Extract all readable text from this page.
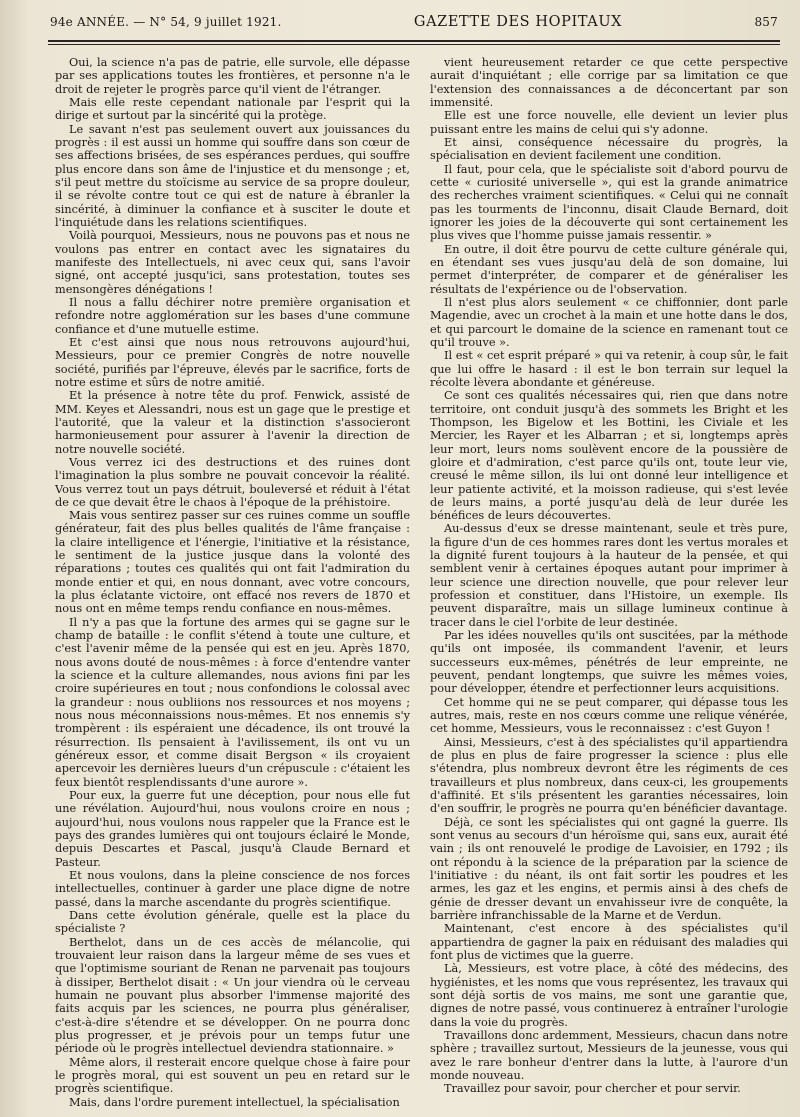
94e ANNÉE. — N° 54, 9 juillet 1921.	GAZETTE DES HOPITAUX	857

Oui, la science n'a pas de patrie, elle survole, elle dépasse par ses applications toutes les frontières, et personne n'a le droit de rejeter le progrès parce qu'il vient de l'étranger.

Mais elle reste cependant nationale par l'esprit qui la dirige et surtout par la sincérité qui la protège.

Le savant n'est pas seulement ouvert aux jouissances du progrès : il est aussi un homme qui souffre dans son cœur de ses affections brisées, de ses espérances perdues, qui souffre plus encore dans son âme de l'injustice et du mensonge ; et, s'il peut mettre du stoïcisme au service de sa propre douleur, il se révolte contre tout ce qui est de nature à ébranler la sincérité, à diminuer la confiance et à susciter le doute et l'inquiétude dans les relations scientifiques.

Voilà pourquoi, Messieurs, nous ne pouvons pas et nous ne voulons pas entrer en contact avec les signataires du manifeste des Intellectuels, ni avec ceux qui, sans l'avoir signé, ont accepté jusqu'ici, sans protestation, toutes ses mensongères dénégations !

Il nous a fallu déchirer notre première organisation et refondre notre agglomération sur les bases d'une commune confiance et d'une mutuelle estime.

Et c'est ainsi que nous nous retrouvons aujourd'hui, Messieurs, pour ce premier Congrès de notre nouvelle société, purifiés par l'épreuve, élevés par le sacrifice, forts de notre estime et sûrs de notre amitié.

Et la présence à notre tête du prof. Fenwick, assisté de MM. Keyes et Alessandri, nous est un gage que le prestige et l'autorité, que la valeur et la distinction s'associeront harmonieusement pour assurer à l'avenir la direction de notre nouvelle société.

Vous verrez ici des destructions et des ruines dont l'imagination la plus sombre ne pouvait concevoir la réalité. Vous verrez tout un pays détruit, bouleversé et réduit à l'état de ce que devait être le chaos à l'époque de la préhistoire.

Mais vous sentirez passer sur ces ruines comme un souffle générateur, fait des plus belles qualités de l'âme française : la claire intelligence et l'énergie, l'initiative et la résistance, le sentiment de la justice jusque dans la volonté des réparations ; toutes ces qualités qui ont fait l'admiration du monde entier et qui, en nous donnant, avec votre concours, la plus éclatante victoire, ont effacé nos revers de 1870 et nous ont en même temps rendu confiance en nous-mêmes.

Il n'y a pas que la fortune des armes qui se gagne sur le champ de bataille : le conflit s'étend à toute une culture, et c'est l'avenir même de la pensée qui est en jeu. Après 1870, nous avons douté de nous-mêmes : à force d'entendre vanter la science et la culture allemandes, nous avions fini par les croire supérieures en tout ; nous confondions le colossal avec la grandeur : nous oubliions nos ressources et nos moyens ; nous nous méconnaissions nous-mêmes. Et nos ennemis s'y trompèrent : ils espéraient une décadence, ils ont trouvé la résurrection. Ils pensaient à l'avilissement, ils ont vu un généreux essor, et comme disait Bergson « ils croyaient apercevoir les dernières lueurs d'un crépuscule : c'étaient les feux bientôt resplendissants d'une aurore ».

Pour eux, la guerre fut une déception, pour nous elle fut une révélation. Aujourd'hui, nous voulons croire en nous ; aujourd'hui, nous voulons nous rappeler que la France est le pays des grandes lumières qui ont toujours éclairé le Monde, depuis Descartes et Pascal, jusqu'à Claude Bernard et Pasteur.

Et nous voulons, dans la pleine conscience de nos forces intellectuelles, continuer à garder une place digne de notre passé, dans la marche ascendante du progrès scientifique.

Dans cette évolution générale, quelle est la place du spécialiste ?

Berthelot, dans un de ces accès de mélancolie, qui trouvaient leur raison dans la largeur même de ses vues et que l'optimisme souriant de Renan ne parvenait pas toujours à dissiper, Berthelot disait : « Un jour viendra où le cerveau humain ne pouvant plus absorber l'immense majorité des faits acquis par les sciences, ne pourra plus généraliser, c'est-à-dire s'étendre et se développer. On ne pourra donc plus progresser, et je prévois pour un temps futur une période où le progrès intellectuel deviendra stationnaire. »

Même alors, il resterait encore quelque chose à faire pour le progrès moral, qui est souvent un peu en retard sur le progrès scientifique.

Mais, dans l'ordre purement intellectuel, la spécialisation

vient heureusement retarder ce que cette perspective aurait d'inquiétant ; elle corrige par sa limitation ce que l'extension des connaissances a de déconcertant par son immensité.

Elle est une force nouvelle, elle devient un levier plus puissant entre les mains de celui qui s'y adonne.

Et ainsi, conséquence nécessaire du progrès, la spécialisation en devient facilement une condition.

Il faut, pour cela, que le spécialiste soit d'abord pourvu de cette « curiosité universelle », qui est la grande animatrice des recherches vraiment scientifiques. « Celui qui ne connaît pas les tourments de l'inconnu, disait Claude Bernard, doit ignorer les joies de la découverte qui sont certainement les plus vives que l'homme puisse jamais ressentir. »

En outre, il doit être pourvu de cette culture générale qui, en étendant ses vues jusqu'au delà de son domaine, lui permet d'interpréter, de comparer et de généraliser les résultats de l'expérience ou de l'observation.

Il n'est plus alors seulement « ce chiffonnier, dont parle Magendie, avec un crochet à la main et une hotte dans le dos, et qui parcourt le domaine de la science en ramenant tout ce qu'il trouve ».

Il est « cet esprit préparé » qui va retenir, à coup sûr, le fait que lui offre le hasard : il est le bon terrain sur lequel la récolte lèvera abondante et généreuse.

Ce sont ces qualités nécessaires qui, rien que dans notre territoire, ont conduit jusqu'à des sommets les Bright et les Thompson, les Bigelow et les Bottini, les Civiale et les Mercier, les Rayer et les Albarran ; et si, longtemps après leur mort, leurs noms soulèvent encore de la poussière de gloire et d'admiration, c'est parce qu'ils ont, toute leur vie, creusé le même sillon, ils lui ont donné leur intelligence et leur patiente activité, et la moisson radieuse, qui s'est levée de leurs mains, a porté jusqu'au delà de leur durée les bénéfices de leurs découvertes.

Au-dessus d'eux se dresse maintenant, seule et très pure, la figure d'un de ces hommes rares dont les vertus morales et la dignité furent toujours à la hauteur de la pensée, et qui semblent venir à certaines époques autant pour imprimer à leur science une direction nouvelle, que pour relever leur profession et constituer, dans l'Histoire, un exemple. Ils peuvent disparaître, mais un sillage lumineux continue à tracer dans le ciel l'orbite de leur destinée.

Par les idées nouvelles qu'ils ont suscitées, par la méthode qu'ils ont imposée, ils commandent l'avenir, et leurs successeurs eux-mêmes, pénétrés de leur empreinte, ne peuvent, pendant longtemps, que suivre les mêmes voies, pour développer, étendre et perfectionner leurs acquisitions.

Cet homme qui ne se peut comparer, qui dépasse tous les autres, mais, reste en nos cœurs comme une relique vénérée, cet homme, Messieurs, vous le reconnaissez : c'est Guyon !

Ainsi, Messieurs, c'est à des spécialistes qu'il appartiendra de plus en plus de faire progresser la science : plus elle s'étendra, plus nombreux devront être les régiments de ces travailleurs et plus nombreux, dans ceux-ci, les groupements d'affinité. Et s'ils présentent les garanties nécessaires, loin d'en souffrir, le progrès ne pourra qu'en bénéficier davantage.

Déjà, ce sont les spécialistes qui ont gagné la guerre. Ils sont venus au secours d'un héroïsme qui, sans eux, aurait été vain ; ils ont renouvelé le prodige de Lavoisier, en 1792 ; ils ont répondu à la science de la préparation par la science de l'initiative : du néant, ils ont fait sortir les poudres et les armes, les gaz et les engins, et permis ainsi à des chefs de génie de dresser devant un envahisseur ivre de conquête, la barrière infranchissable de la Marne et de Verdun.

Maintenant, c'est encore à des spécialistes qu'il appartiendra de gagner la paix en réduisant des maladies qui font plus de victimes que la guerre.

Là, Messieurs, est votre place, à côté des médecins, des hygiénistes, et les noms que vous représentez, les travaux qui sont déjà sortis de vos mains, me sont une garantie que, dignes de notre passé, vous continuerez à entraîner l'urologie dans la voie du progrès.

Travaillons donc ardemment, Messieurs, chacun dans notre sphère ; travaillez surtout, Messieurs de la jeunesse, vous qui avez le rare bonheur d'entrer dans la lutte, à l'aurore d'un monde nouveau.

Travaillez pour savoir, pour chercher et pour servir.
